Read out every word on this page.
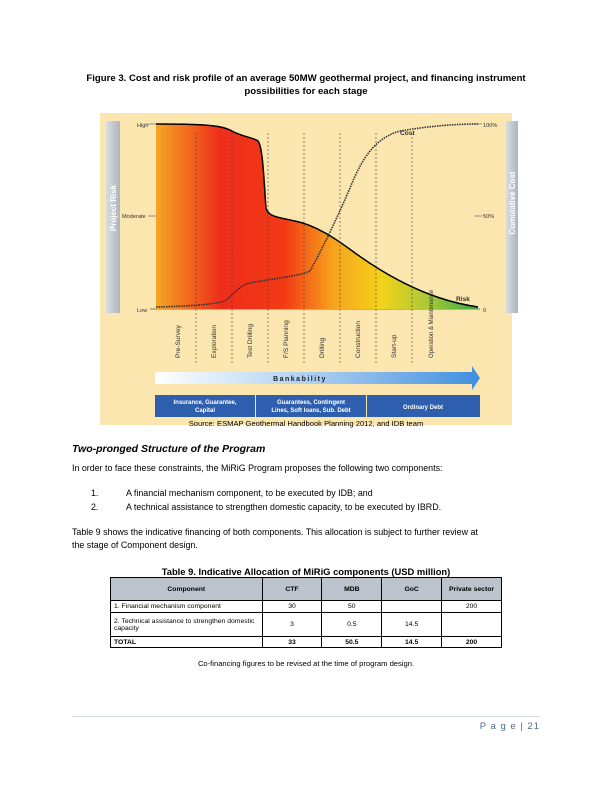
Figure 3. Cost and risk profile of an average 50MW geothermal project, and financing instrument
possibilities for each stage
Project Risk	Cumulative Cost
High
Moderate
Low
100%
50%
0
Cost
Risk
Pre-Survey	Exploration	Test Drilling	F/S Planning	Drilling	Construction	Start-up	Operation & Maintenance
Bankability
Insurance, Guarantee,
Capital
Guarantees, Contingent
Lines, Soft loans, Sub. Debt	Ordinary Debt
Source: ESMAP Geothermal Handbook Planning 2012, and IDB team
Two-pronged Structure of the Program
In order to face these constraints, the MiRiG Program proposes the following two components:
1.	A financial mechanism component, to be executed by IDB; and
2.	A technical assistance to strengthen domestic capacity, to be executed by IBRD.
Table 9 shows the indicative financing of both components. This allocation is subject to further review at
the stage of Component design.
Table 9. Indicative Allocation of MiRiG components (USD million)
Component	CTF	MDB	GoC	Private sector
1. Financial mechanism component	30	50		200
2. Technical assistance to strengthen domestic capacity	3	0.5	14.5	
TOTAL	33	50.5	14.5	200
Co-financing figures to be revised at the time of program design.
P a g e | 21
